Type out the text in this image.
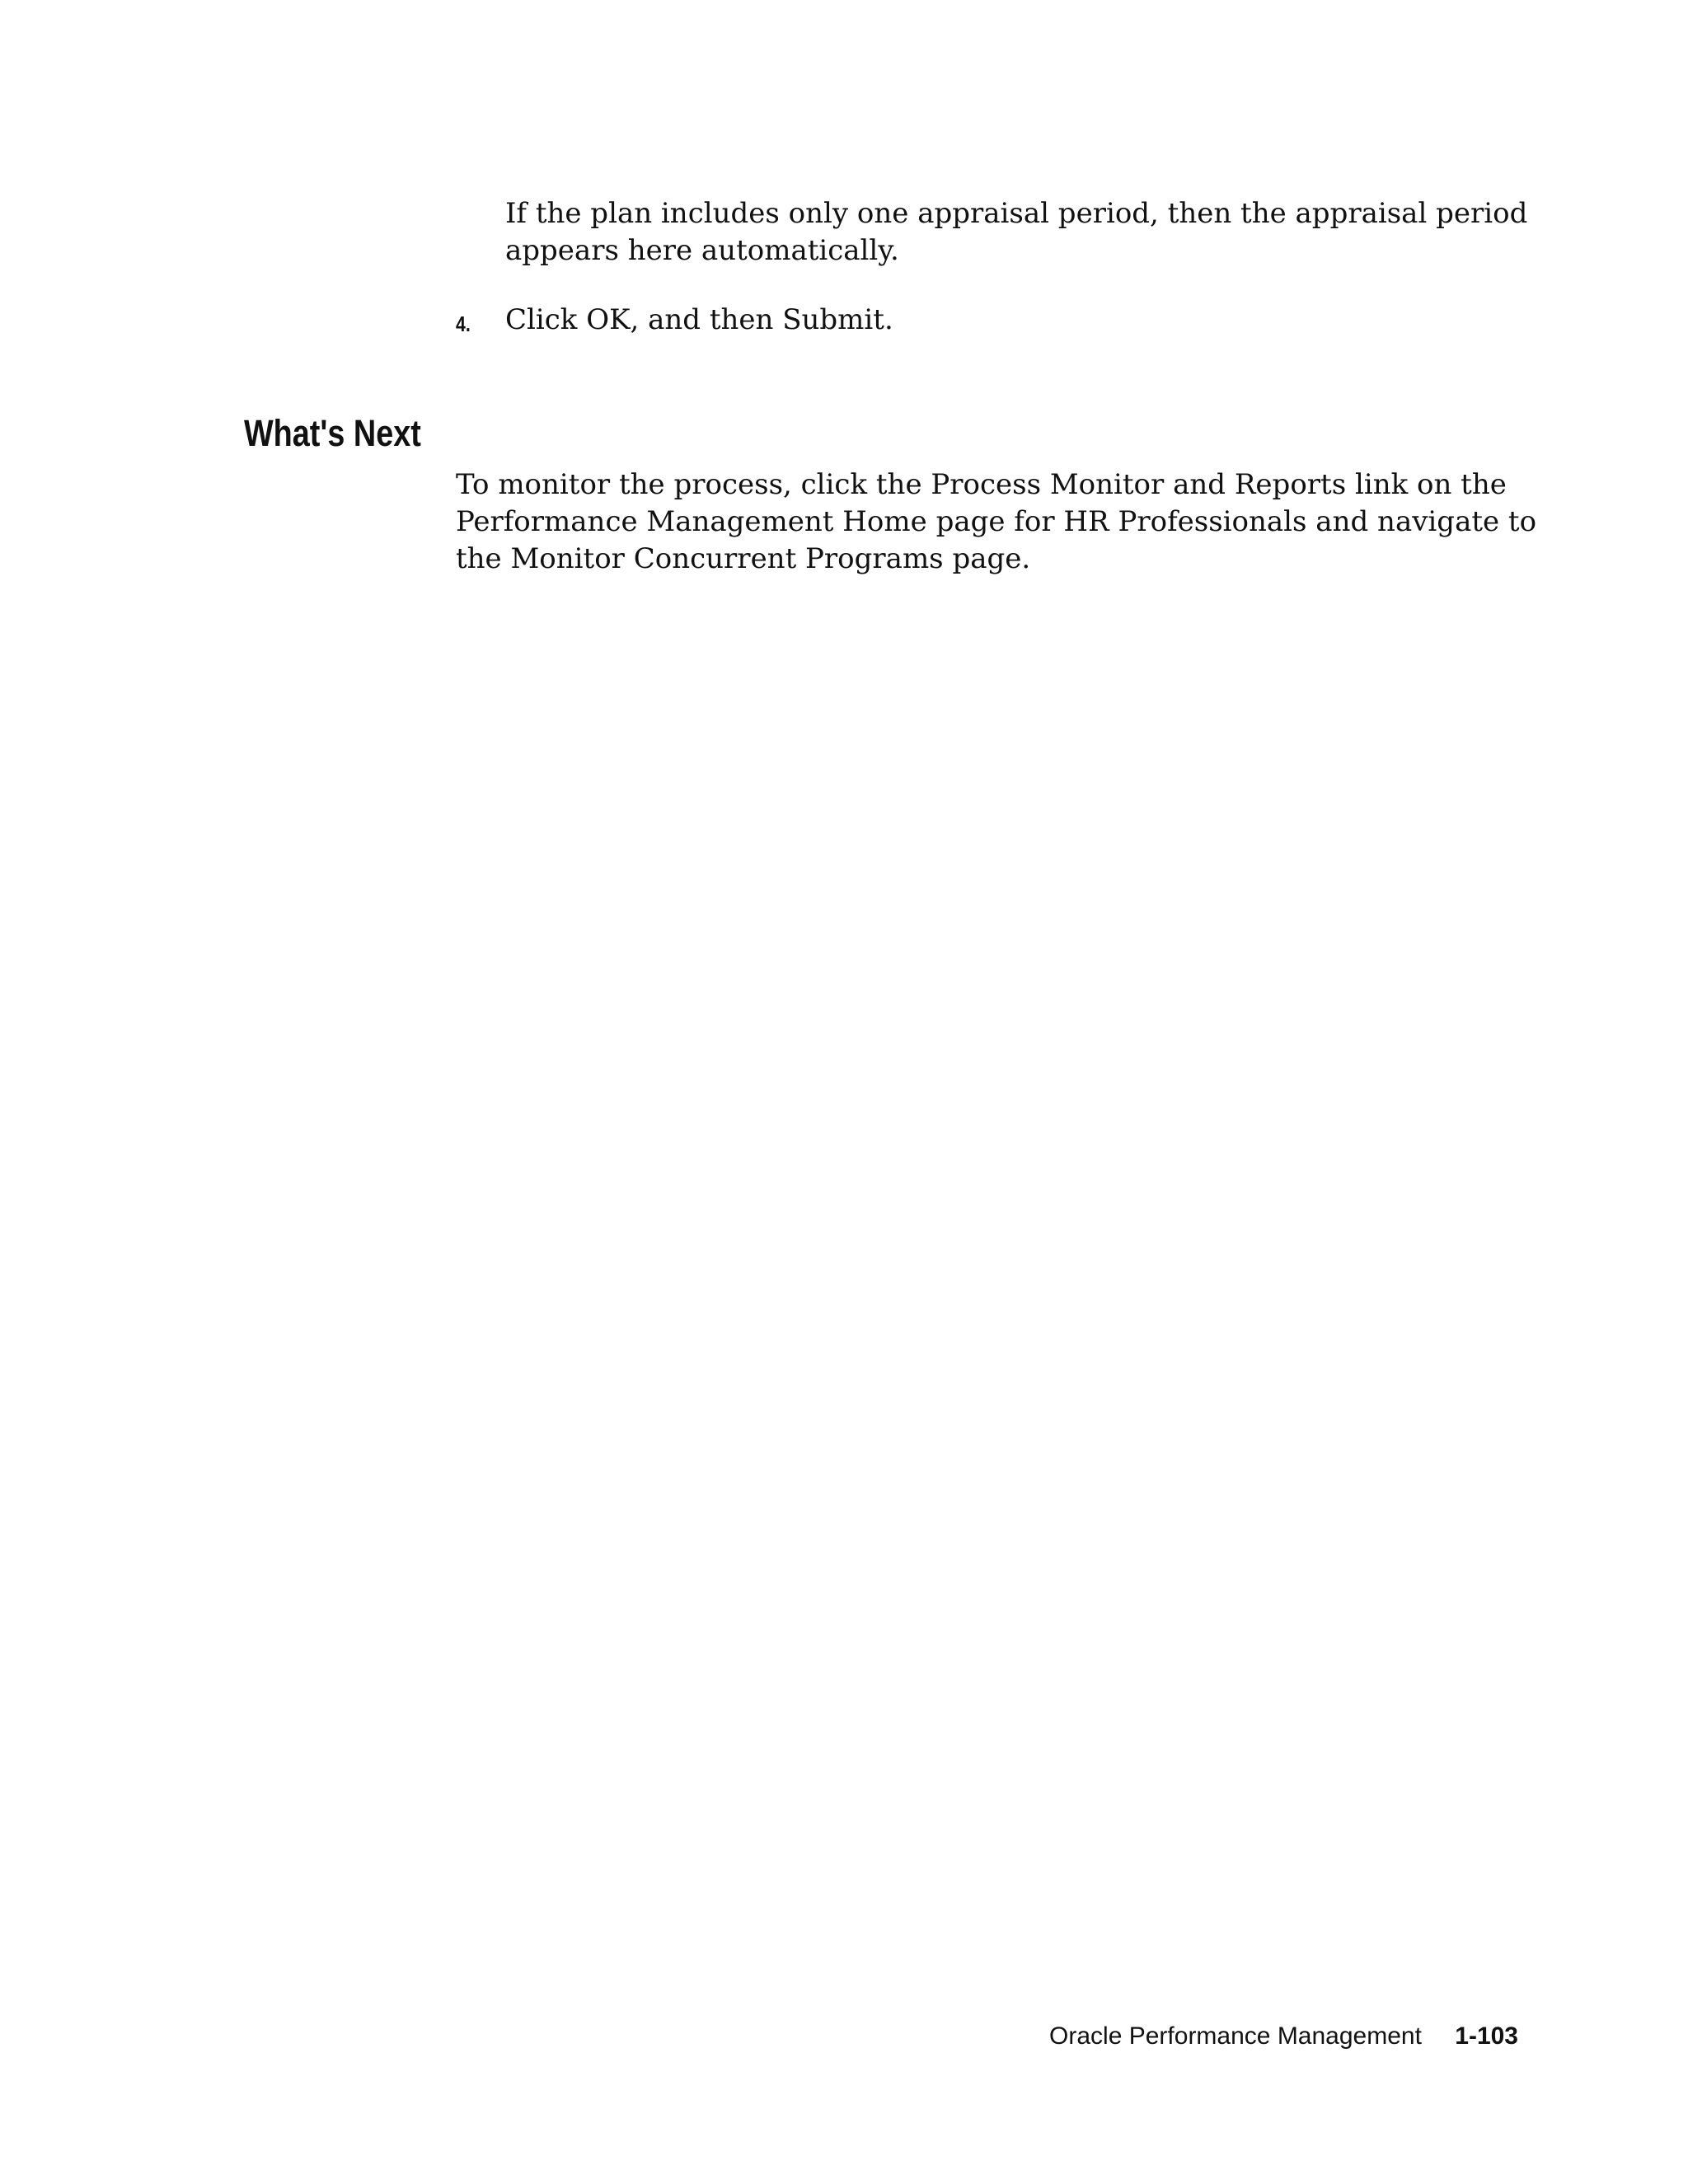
If the plan includes only one appraisal period, then the appraisal period appears here automatically.
4. Click OK, and then Submit.
What's Next
To monitor the process, click the Process Monitor and Reports link on the Performance Management Home page for HR Professionals and navigate to the Monitor Concurrent Programs page.
Oracle Performance Management 1-103
